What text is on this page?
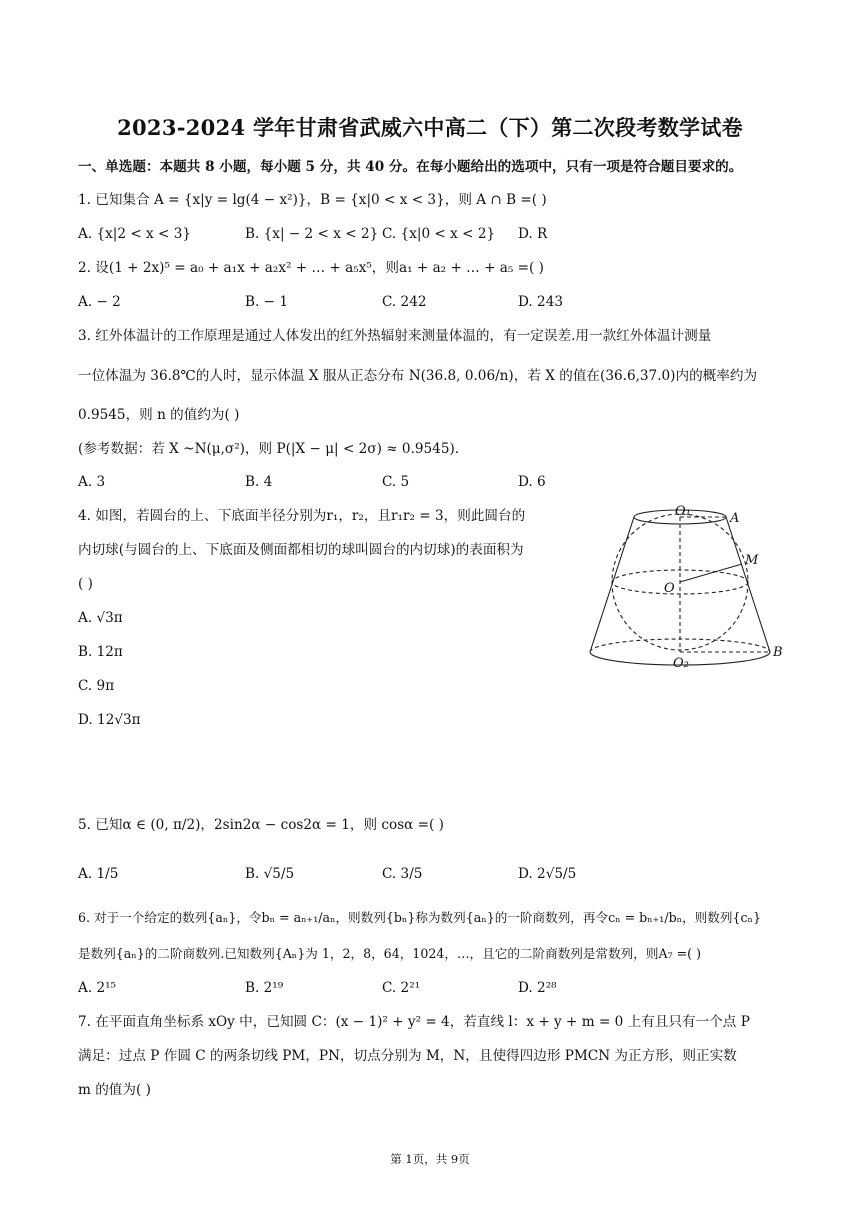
2023-2024 学年甘肃省武威六中高二（下）第二次段考数学试卷
一、单选题：本题共 8 小题，每小题 5 分，共 40 分。在每小题给出的选项中，只有一项是符合题目要求的。
1. 已知集合 A = {x|y = lg(4 − x²)}，B = {x|0 < x < 3}，则 A ∩ B =( )
A. {x|2 < x < 3}	B. {x| − 2 < x < 2} C. {x|0 < x < 2} D. R
2. 设(1 + 2x)⁵ = a₀ + a₁x + a₂x² + … + a₅x⁵，则a₁ + a₂ + … + a₅ =( )
A. − 2	B. − 1	C. 242	D. 243
3. 红外体温计的工作原理是通过人体发出的红外热辐射来测量体温的，有一定误差.用一款红外体温计测量
一位体温为 36.8℃的人时，显示体温 X 服从正态分布 N(36.8, 0.06/n)，若 X 的值在(36.6,37.0)内的概率约为
0.9545，则 n 的值约为( )
(参考数据：若 X ~N(μ,σ²)，则 P(|X − μ| < 2σ) ≈ 0.9545).
A. 3	B. 4	C. 5	D. 6
4. 如图，若圆台的上、下底面半径分别为r₁，r₂，且r₁r₂ = 3，则此圆台的
内切球(与圆台的上、下底面及侧面都相切的球叫圆台的内切球)的表面积为
( )
A. √3π
B. 12π
C. 9π
D. 12√3π
O₁	A
M
O
O₂
B
5. 已知α ∈ (0, π/2)，2sin2α − cos2α = 1，则 cosα =( )
A. 1/5	B. √5/5	C. 3/5	D. 2√5/5
6. 对于一个给定的数列{aₙ}，令bₙ = aₙ₊₁/aₙ，则数列{bₙ}称为数列{aₙ}的一阶商数列，再令cₙ = bₙ₊₁/bₙ，则数列{cₙ}
是数列{aₙ}的二阶商数列.已知数列{Aₙ}为 1，2，8，64，1024，…，且它的二阶商数列是常数列，则A₇ =( )
A. 2¹⁵	B. 2¹⁹	C. 2²¹	D. 2²⁸
7. 在平面直角坐标系 xOy 中，已知圆 C：(x − 1)² + y² = 4，若直线 l：x + y + m = 0 上有且只有一个点 P
满足：过点 P 作圆 C 的两条切线 PM，PN，切点分别为 M，N，且使得四边形 PMCN 为正方形，则正实数
m 的值为( )
第 1页，共 9页
